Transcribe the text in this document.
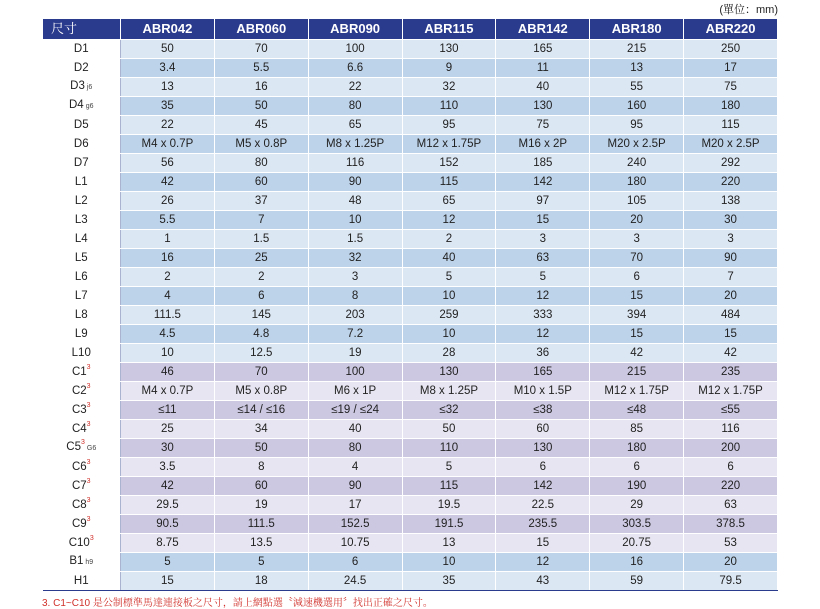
(單位：mm)
尺寸	ABR042	ABR060	ABR090	ABR115	ABR142	ABR180	ABR220
D1	50	70	100	130	165	215	250
D2	3.4	5.5	6.6	9	11	13	17
D3 j6	13	16	22	32	40	55	75
D4 g6	35	50	80	110	130	160	180
D5	22	45	65	95	75	95	115
D6	M4 x 0.7P	M5 x 0.8P	M8 x 1.25P	M12 x 1.75P	M16 x 2P	M20 x 2.5P	M20 x 2.5P
D7	56	80	116	152	185	240	292
L1	42	60	90	115	142	180	220
L2	26	37	48	65	97	105	138
L3	5.5	7	10	12	15	20	30
L4	1	1.5	1.5	2	3	3	3
L5	16	25	32	40	63	70	90
L6	2	2	3	5	5	6	7
L7	4	6	8	10	12	15	20
L8	111.5	145	203	259	333	394	484
L9	4.5	4.8	7.2	10	12	15	15
L10	10	12.5	19	28	36	42	42
$C1^3$	46	70	100	130	165	215	235
$C2^3$	M4 x 0.7P	M5 x 0.8P	M6 x 1P	M8 x 1.25P	M10 x 1.5P	M12 x 1.75P	M12 x 1.75P
$C3^3$	≤11	≤14 / ≤16	≤19 / ≤24	≤32	≤38	≤48	≤55
$C4^3$	25	34	40	50	60	85	116
$C5^3G6$	30	50	80	110	130	180	200
$C6^3$	3.5	8	4	5	6	6	6
$C7^3$	42	60	90	115	142	190	220
$C8^3$	29.5	19	17	19.5	22.5	29	63
$C9^3$	90.5	111.5	152.5	191.5	235.5	303.5	378.5
$C10^3$	8.75	13.5	10.75	13	15	20.75	53
B1 h9	5	5	6	10	12	16	20
H1	15	18	24.5	35	43	59	79.5
3. C1~C10 是公制標準馬達連接板之尺寸，請上網點選〝減速機選用〞找出正確之尺寸。
